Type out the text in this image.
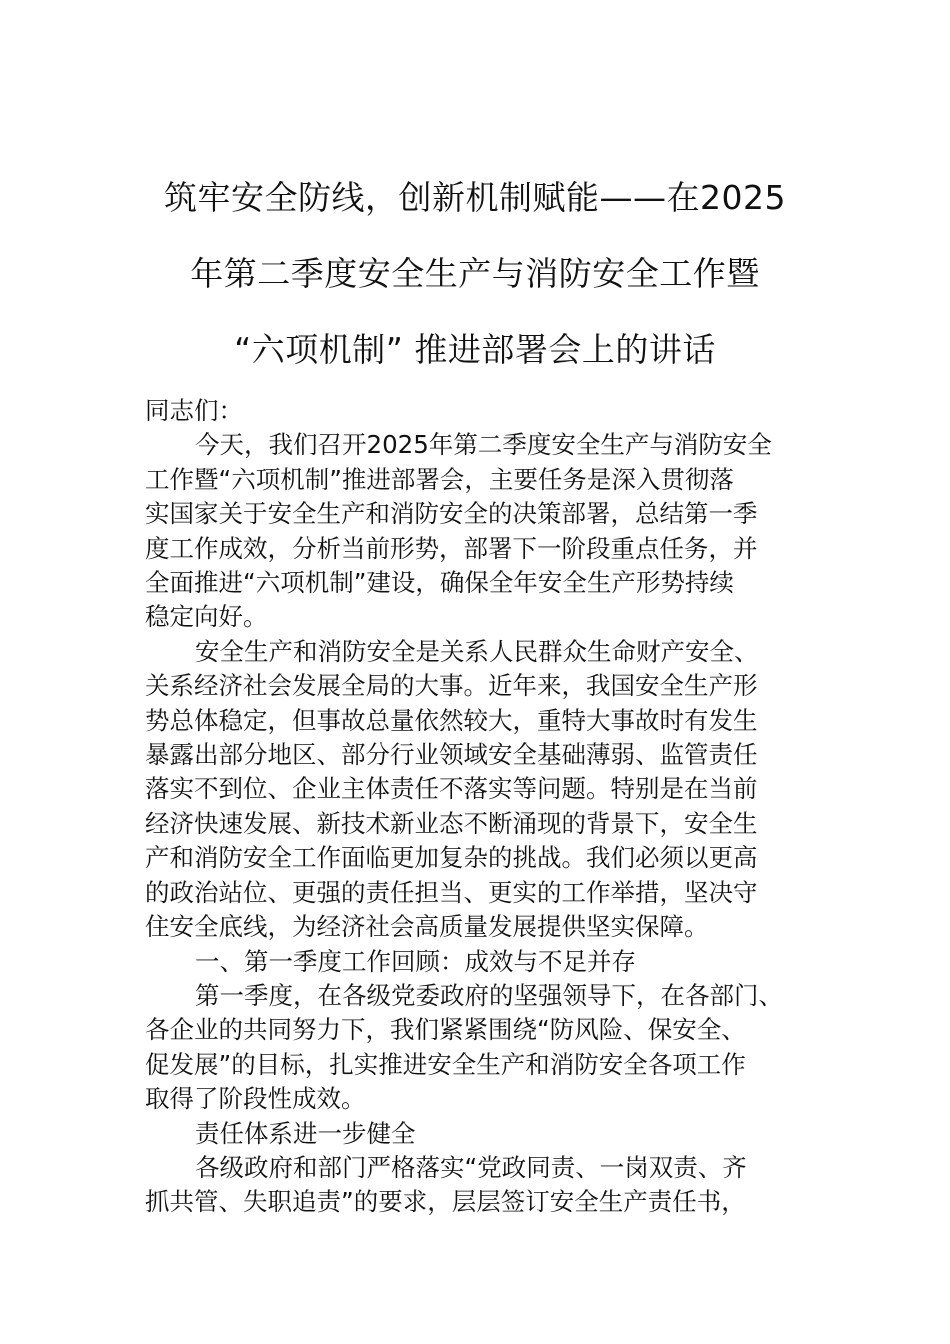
筑牢安全防线，创新机制赋能——在2025
年第二季度安全生产与消防安全工作暨
“六项机制” 推进部署会上的讲话
同志们：
今天，我们召开2025年第二季度安全生产与消防安全
工作暨“六项机制”推进部署会，主要任务是深入贯彻落
实国家关于安全生产和消防安全的决策部署，总结第一季
度工作成效，分析当前形势，部署下一阶段重点任务，并
全面推进“六项机制”建设，确保全年安全生产形势持续
稳定向好。
安全生产和消防安全是关系人民群众生命财产安全、
关系经济社会发展全局的大事。近年来，我国安全生产形
势总体稳定，但事故总量依然较大，重特大事故时有发生
暴露出部分地区、部分行业领域安全基础薄弱、监管责任
落实不到位、企业主体责任不落实等问题。特别是在当前
经济快速发展、新技术新业态不断涌现的背景下，安全生
产和消防安全工作面临更加复杂的挑战。我们必须以更高
的政治站位、更强的责任担当、更实的工作举措，坚决守
住安全底线，为经济社会高质量发展提供坚实保障。
一、第一季度工作回顾：成效与不足并存
第一季度，在各级党委政府的坚强领导下，在各部门、
各企业的共同努力下，我们紧紧围绕“防风险、保安全、
促发展”的目标，扎实推进安全生产和消防安全各项工作
取得了阶段性成效。
责任体系进一步健全
各级政府和部门严格落实“党政同责、一岗双责、齐
抓共管、失职追责”的要求，层层签订安全生产责任书，
